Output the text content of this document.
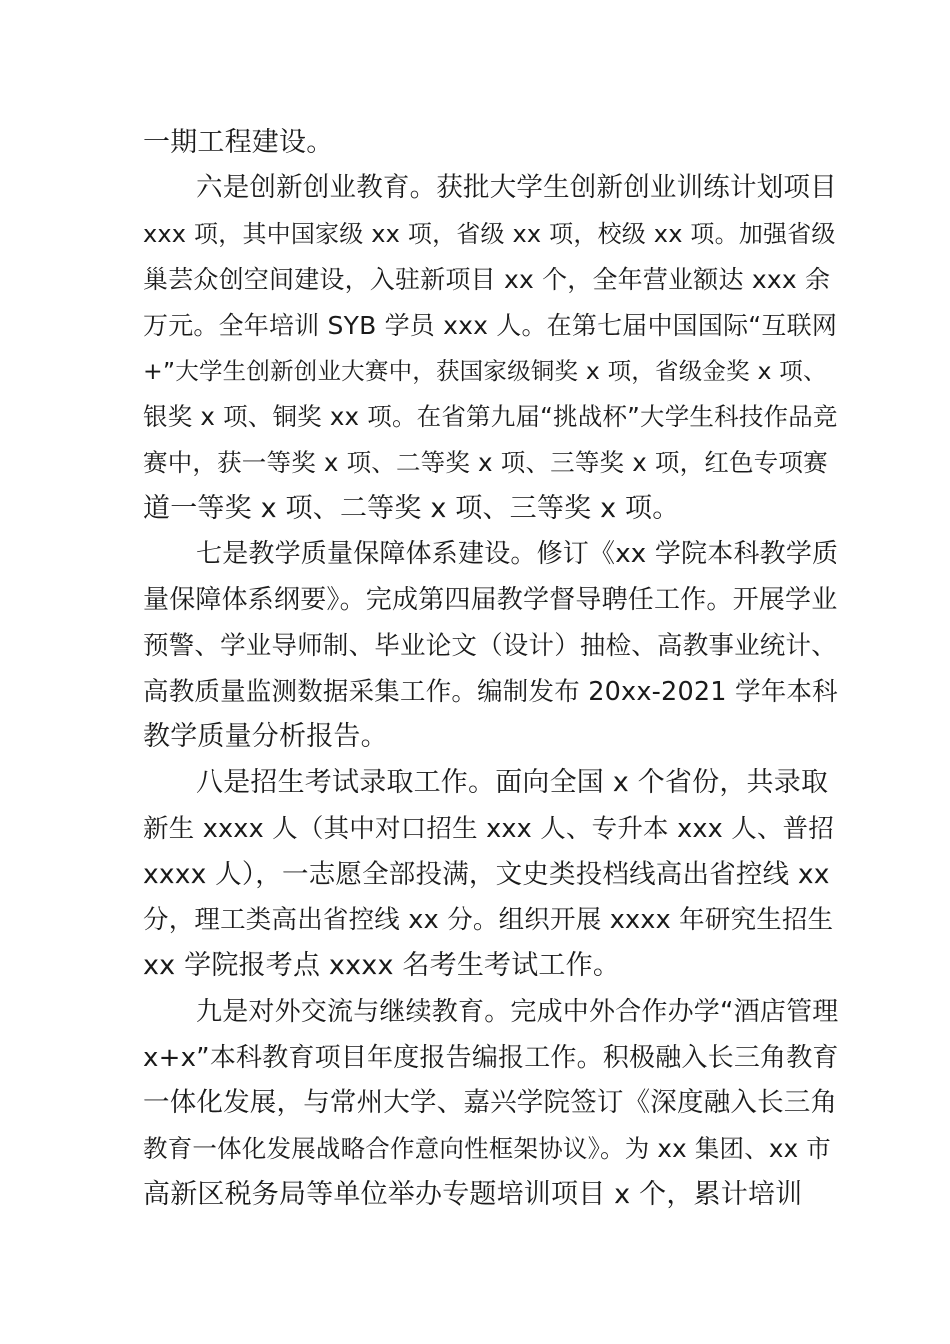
一期工程建设。
六是创新创业教育。获批大学生创新创业训练计划项目
xxx 项，其中国家级 xx 项，省级 xx 项，校级 xx 项。加强省级
巢芸众创空间建设，入驻新项目 xx 个，全年营业额达 xxx 余
万元。全年培训 SYB 学员 xxx 人。在第七届中国国际“互联网
+”大学生创新创业大赛中，获国家级铜奖 x 项，省级金奖 x 项、
银奖 x 项、铜奖 xx 项。在省第九届“挑战杯”大学生科技作品竞
赛中，获一等奖 x 项、二等奖 x 项、三等奖 x 项，红色专项赛
道一等奖 x 项、二等奖 x 项、三等奖 x 项。
七是教学质量保障体系建设。修订《xx 学院本科教学质
量保障体系纲要》。完成第四届教学督导聘任工作。开展学业
预警、学业导师制、毕业论文（设计）抽检、高教事业统计、
高教质量监测数据采集工作。编制发布 20xx-2021 学年本科
教学质量分析报告。
八是招生考试录取工作。面向全国 x 个省份，共录取
新生 xxxx 人（其中对口招生 xxx 人、专升本 xxx 人、普招
xxxx 人），一志愿全部投满，文史类投档线高出省控线 xx
分，理工类高出省控线 xx 分。组织开展 xxxx 年研究生招生
xx 学院报考点 xxxx 名考生考试工作。
九是对外交流与继续教育。完成中外合作办学“酒店管理
x+x”本科教育项目年度报告编报工作。积极融入长三角教育
一体化发展，与常州大学、嘉兴学院签订《深度融入长三角
教育一体化发展战略合作意向性框架协议》。为 xx 集团、xx 市
高新区税务局等单位举办专题培训项目 x 个，累计培训
